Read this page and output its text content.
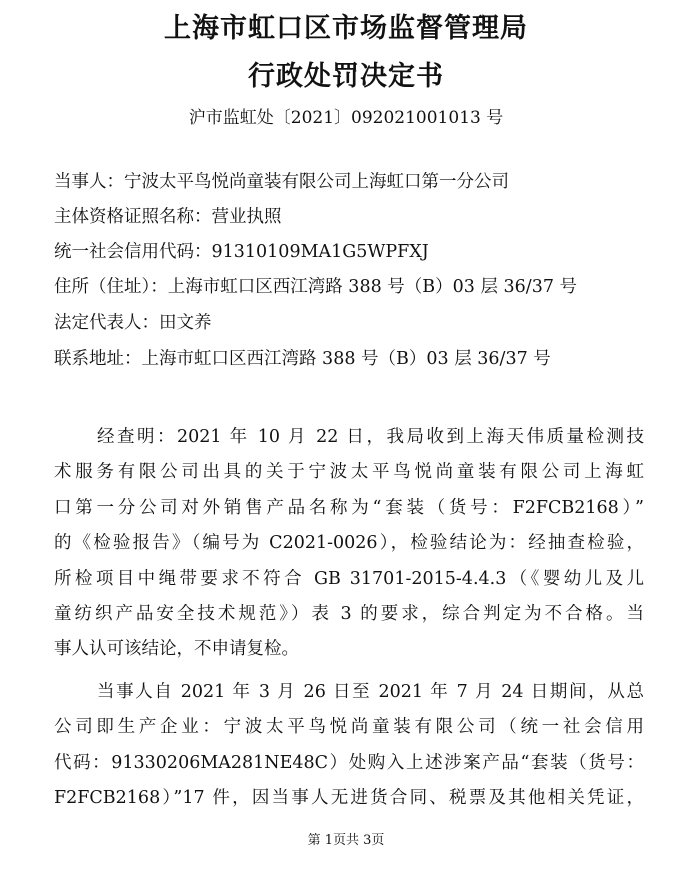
上海市虹口区市场监督管理局
行政处罚决定书
沪市监虹处〔2021〕092021001013 号
当事人：宁波太平鸟悦尚童装有限公司上海虹口第一分公司
主体资格证照名称：营业执照
统一社会信用代码：91310109MA1G5WPFXJ
住所（住址）：上海市虹口区西江湾路 388 号（B）03 层 36/37 号
法定代表人：田文养
联系地址：上海市虹口区西江湾路 388 号（B）03 层 36/37 号
经查明：2021 年 10 月 22 日，我局收到上海天伟质量检测技
术服务有限公司出具的关于宁波太平鸟悦尚童装有限公司上海虹
口第一分公司对外销售产品名称为“套装（货号：F2FCB2168）”
的《检验报告》（编号为 C2021-0026），检验结论为：经抽查检验，
所检项目中绳带要求不符合 GB 31701-2015-4.4.3（《婴幼儿及儿
童纺织产品安全技术规范》）表 3 的要求，综合判定为不合格。当
事人认可该结论，不申请复检。
当事人自 2021 年 3 月 26 日至 2021 年 7 月 24 日期间，从总
公司即生产企业：宁波太平鸟悦尚童装有限公司（统一社会信用
代码：91330206MA281NE48C）处购入上述涉案产品“套装（货号：
F2FCB2168）”17 件，因当事人无进货合同、税票及其他相关凭证，
第 1页共 3页
